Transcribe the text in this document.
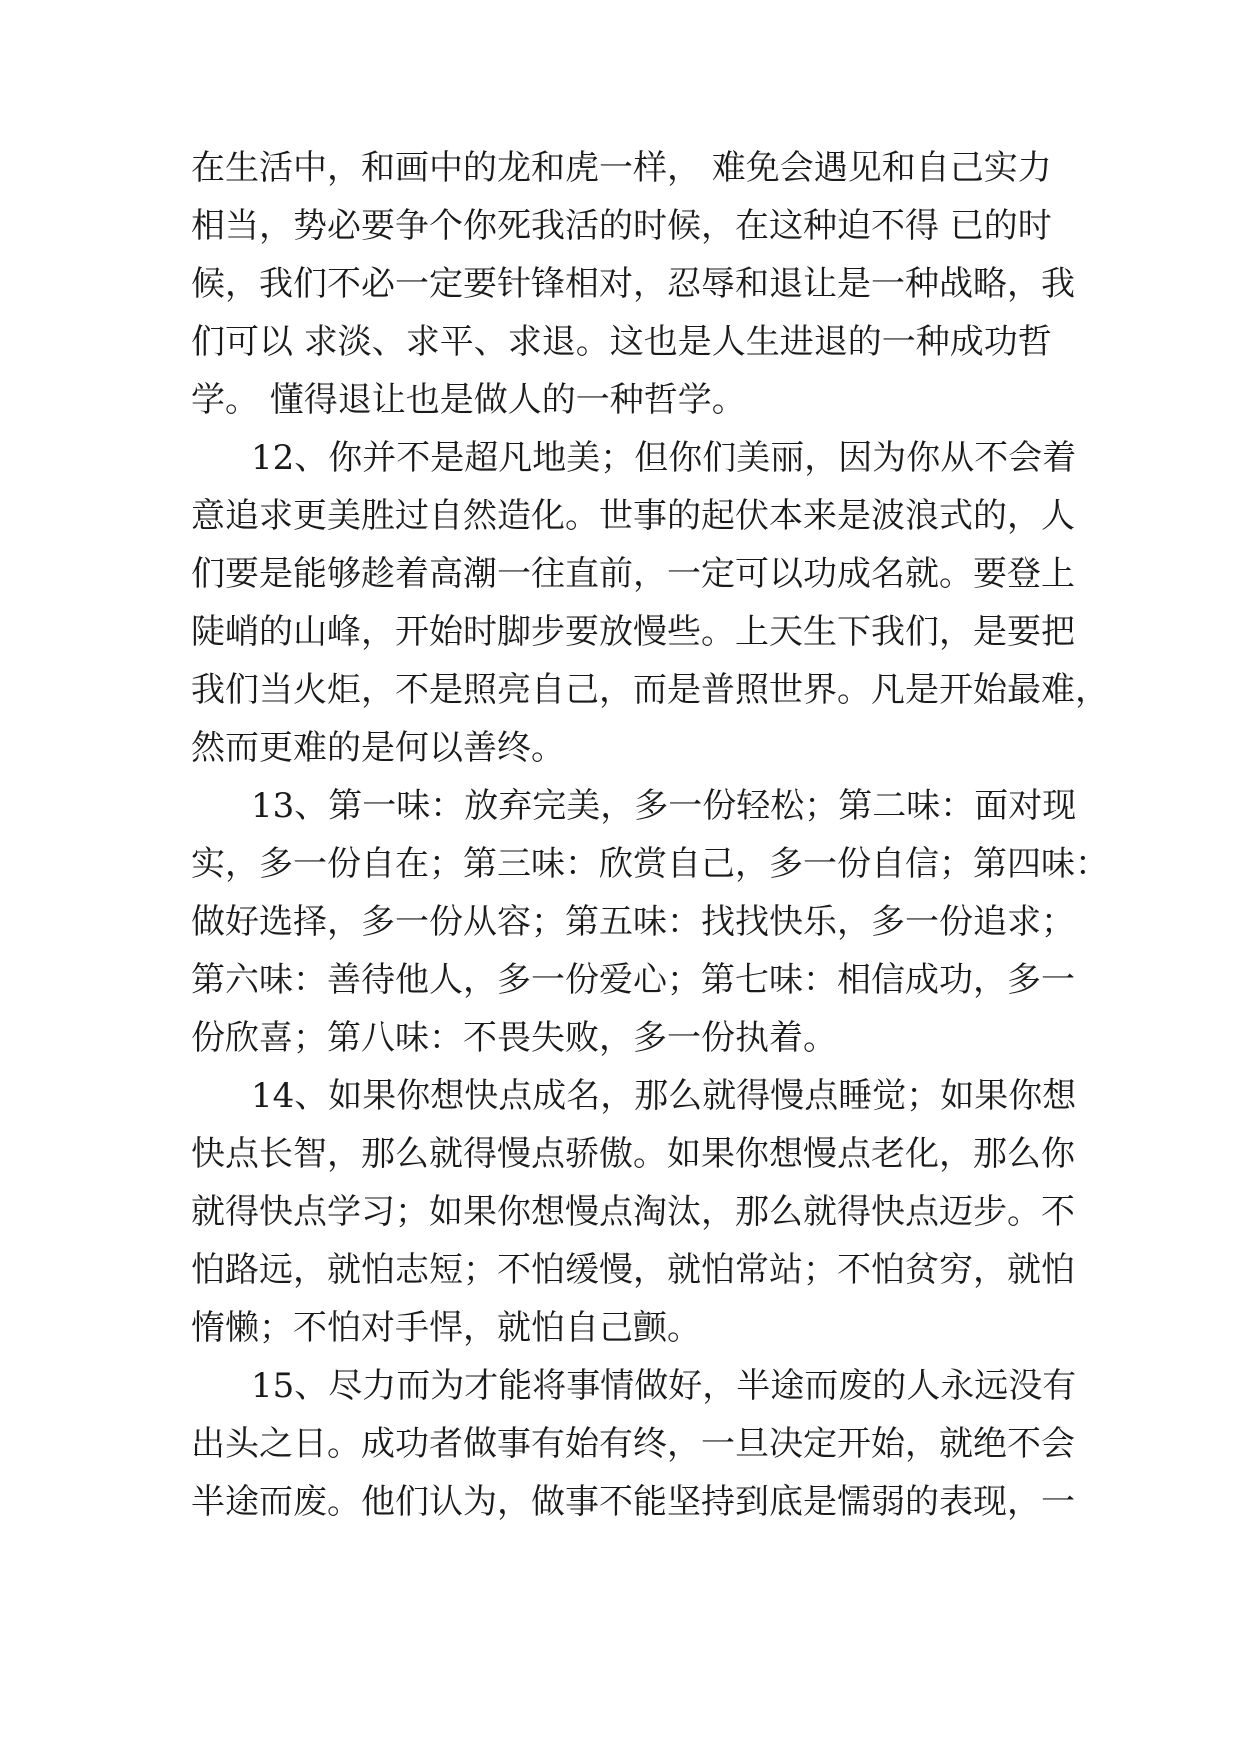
在生活中，和画中的龙和虎一样， 难免会遇见和自己实力
相当，势必要争个你死我活的时候，在这种迫不得 已的时
候，我们不必一定要针锋相对，忍辱和退让是一种战略，我
们可以 求淡、求平、求退。这也是人生进退的一种成功哲
学。 懂得退让也是做人的一种哲学。
12、你并不是超凡地美；但你们美丽，因为你从不会着
意追求更美胜过自然造化。世事的起伏本来是波浪式的，人
们要是能够趁着高潮一往直前，一定可以功成名就。要登上
陡峭的山峰，开始时脚步要放慢些。上天生下我们，是要把
我们当火炬，不是照亮自己，而是普照世界。凡是开始最难，
然而更难的是何以善终。
13、第一味：放弃完美，多一份轻松；第二味：面对现
实，多一份自在；第三味：欣赏自己，多一份自信；第四味：
做好选择，多一份从容；第五味：找找快乐，多一份追求；
第六味：善待他人，多一份爱心；第七味：相信成功，多一
份欣喜；第八味：不畏失败，多一份执着。
14、如果你想快点成名，那么就得慢点睡觉；如果你想
快点长智，那么就得慢点骄傲。如果你想慢点老化，那么你
就得快点学习；如果你想慢点淘汰，那么就得快点迈步。不
怕路远，就怕志短；不怕缓慢，就怕常站；不怕贫穷，就怕
惰懒；不怕对手悍，就怕自己颤。
15、尽力而为才能将事情做好，半途而废的人永远没有
出头之日。成功者做事有始有终，一旦决定开始，就绝不会
半途而废。他们认为，做事不能坚持到底是懦弱的表现，一
